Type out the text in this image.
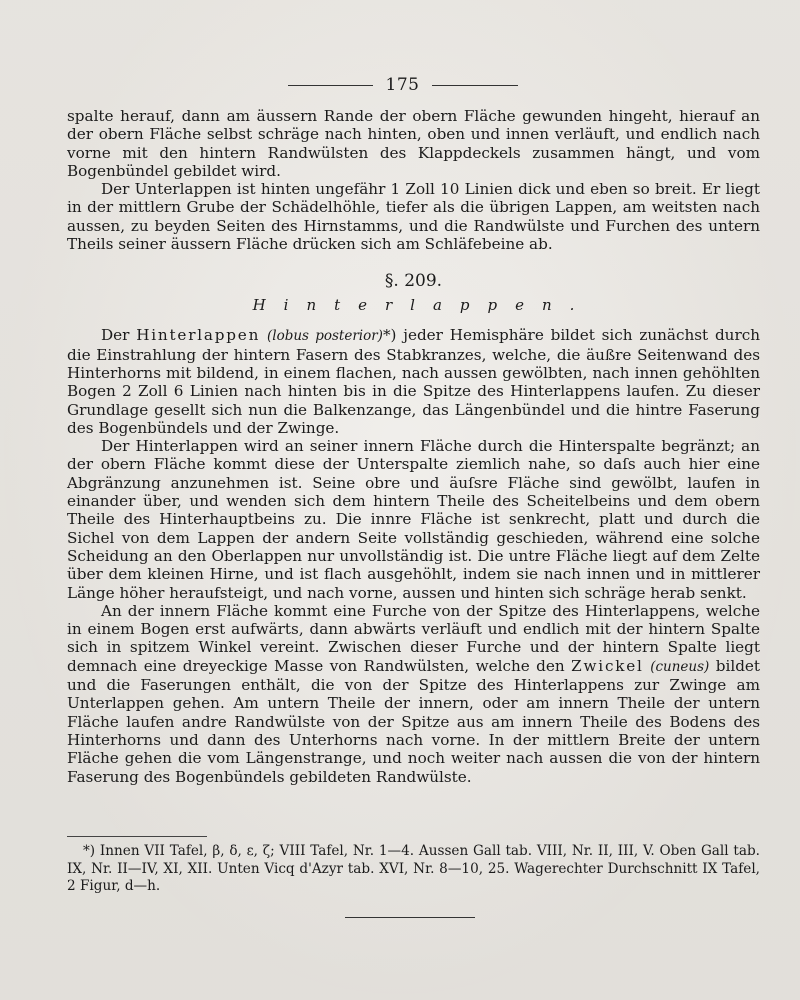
175

spalte herauf, dann am äussern Rande der obern Fläche gewunden hingeht, hierauf an der obern Fläche selbst schräge nach hinten, oben und innen verläuft, und endlich nach vorne mit den hintern Randwülsten des Klappdeckels zusammen hängt, und vom Bogenbündel gebildet wird.

Der Unterlappen ist hinten ungefähr 1 Zoll 10 Linien dick und eben so breit. Er liegt in der mittlern Grube der Schädelhöhle, tiefer als die übrigen Lappen, am weitsten nach aussen, zu beyden Seiten des Hirnstamms, und die Randwülste und Furchen des untern Theils seiner äussern Fläche drücken sich am Schläfebeine ab.

§. 209.
Hinterlappen.

Der Hinterlappen (lobus posterior)*) jeder Hemisphäre bildet sich zunächst durch die Einstrahlung der hintern Fasern des Stabkranzes, welche, die äußre Seitenwand des Hinterhorns mit bildend, in einem flachen, nach aussen gewölbten, nach innen gehöhlten Bogen 2 Zoll 6 Linien nach hinten bis in die Spitze des Hinterlappens laufen. Zu dieser Grundlage gesellt sich nun die Balkenzange, das Längenbündel und die hintre Faserung des Bogenbündels und der Zwinge.

Der Hinterlappen wird an seiner innern Fläche durch die Hinterspalte begränzt; an der obern Fläche kommt diese der Unterspalte ziemlich nahe, so daſs auch hier eine Abgränzung anzunehmen ist. Seine obre und äuſsre Fläche sind gewölbt, laufen in einander über, und wenden sich dem hintern Theile des Scheitelbeins und dem obern Theile des Hinterhauptbeins zu. Die innre Fläche ist senkrecht, platt und durch die Sichel von dem Lappen der andern Seite vollständig geschieden, während eine solche Scheidung an den Oberlappen nur unvollständig ist. Die untre Fläche liegt auf dem Zelte über dem kleinen Hirne, und ist flach ausgehöhlt, indem sie nach innen und in mittlerer Länge höher heraufsteigt, und nach vorne, aussen und hinten sich schräge herab senkt.

An der innern Fläche kommt eine Furche von der Spitze des Hinterlappens, welche in einem Bogen erst aufwärts, dann abwärts verläuft und endlich mit der hintern Spalte sich in spitzem Winkel vereint. Zwischen dieser Furche und der hintern Spalte liegt demnach eine dreyeckige Masse von Randwülsten, welche den Zwickel (cuneus) bildet und die Faserungen enthält, die von der Spitze des Hinterlappens zur Zwinge am Unterlappen gehen. Am untern Theile der innern, oder am innern Theile der untern Fläche laufen andre Randwülste von der Spitze aus am innern Theile des Bodens des Hinterhorns und dann des Unterhorns nach vorne. In der mittlern Breite der untern Fläche gehen die vom Längenstrange, und noch weiter nach aussen die von der hintern Faserung des Bogenbündels gebildeten Randwülste.

*) Innen VII Tafel, β, δ, ε, ζ; VIII Tafel, Nr. 1—4. Aussen Gall tab. VIII, Nr. II, III, V. Oben Gall tab. IX, Nr. II—IV, XI, XII. Unten Vicq d'Azyr tab. XVI, Nr. 8—10, 25. Wagerechter Durchschnitt IX Tafel, 2 Figur, d—h.
